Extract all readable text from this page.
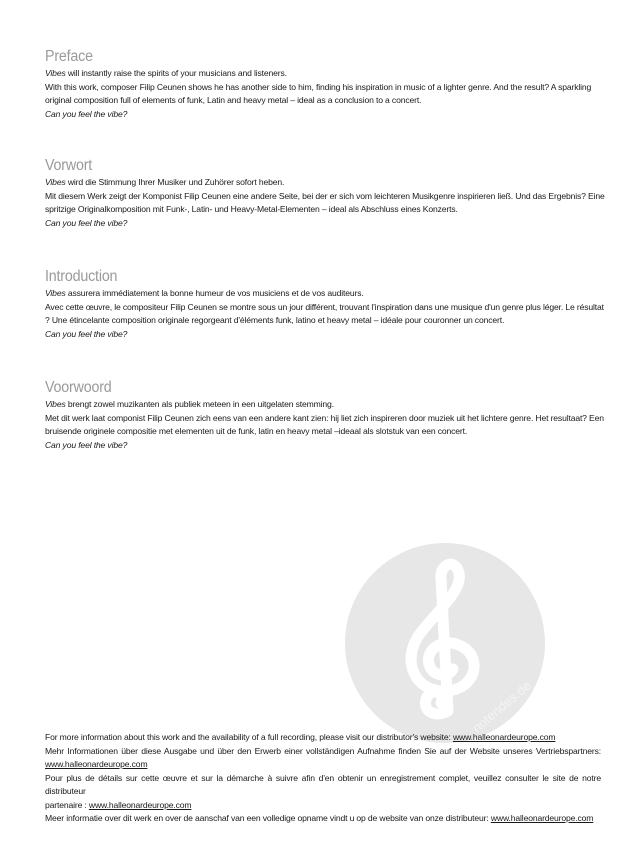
Preface

Vibes will instantly raise the spirits of your musicians and listeners.

With this work, composer Filip Ceunen shows he has another side to him, finding his inspiration in music of a lighter genre. And the result? A sparkling original composition full of elements of funk, Latin and heavy metal – ideal as a conclusion to a concert.

Can you feel the vibe?

Vorwort

Vibes wird die Stimmung Ihrer Musiker und Zuhörer sofort heben.

Mit diesem Werk zeigt der Komponist Filip Ceunen eine andere Seite, bei der er sich vom leichteren Musikgenre inspirieren ließ. Und das Ergebnis? Eine spritzige Originalkomposition mit Funk-, Latin- und Heavy-Metal-Elementen – ideal als Abschluss eines Konzerts.

Can you feel the vibe?

Introduction

Vibes assurera immédiatement la bonne humeur de vos musiciens et de vos auditeurs.

Avec cette œuvre, le compositeur Filip Ceunen se montre sous un jour différent, trouvant l'inspiration dans une musique d'un genre plus léger. Le résultat ? Une étincelante composition originale regorgeant d'éléments funk, latino et heavy metal – idéale pour couronner un concert.

Can you feel the vibe?

Voorwoord

Vibes brengt zowel muzikanten als publiek meteen in een uitgelaten stemming.

Met dit werk laat componist Filip Ceunen zich eens van een andere kant zien: hij liet zich inspireren door muziek uit het lichtere genre. Het resultaat? Een bruisende originele compositie met elementen uit de funk, latin en heavy metal –ideaal als slotstuk van een concert.

Can you feel the vibe?

notendes.de

For more information about this work and the availability of a full recording, please visit our distributor's website: www.halleonardeurope.com

Mehr Informationen über diese Ausgabe und über den Erwerb einer vollständigen Aufnahme finden Sie auf der Website unseres Vertriebspartners:

www.halleonardeurope.com

Pour plus de détails sur cette œuvre et sur la démarche à suivre afin d'en obtenir un enregistrement complet, veuillez consulter le site de notre distributeur

partenaire : www.halleonardeurope.com

Meer informatie over dit werk en over de aanschaf van een volledige opname vindt u op de website van onze distributeur: www.halleonardeurope.com
